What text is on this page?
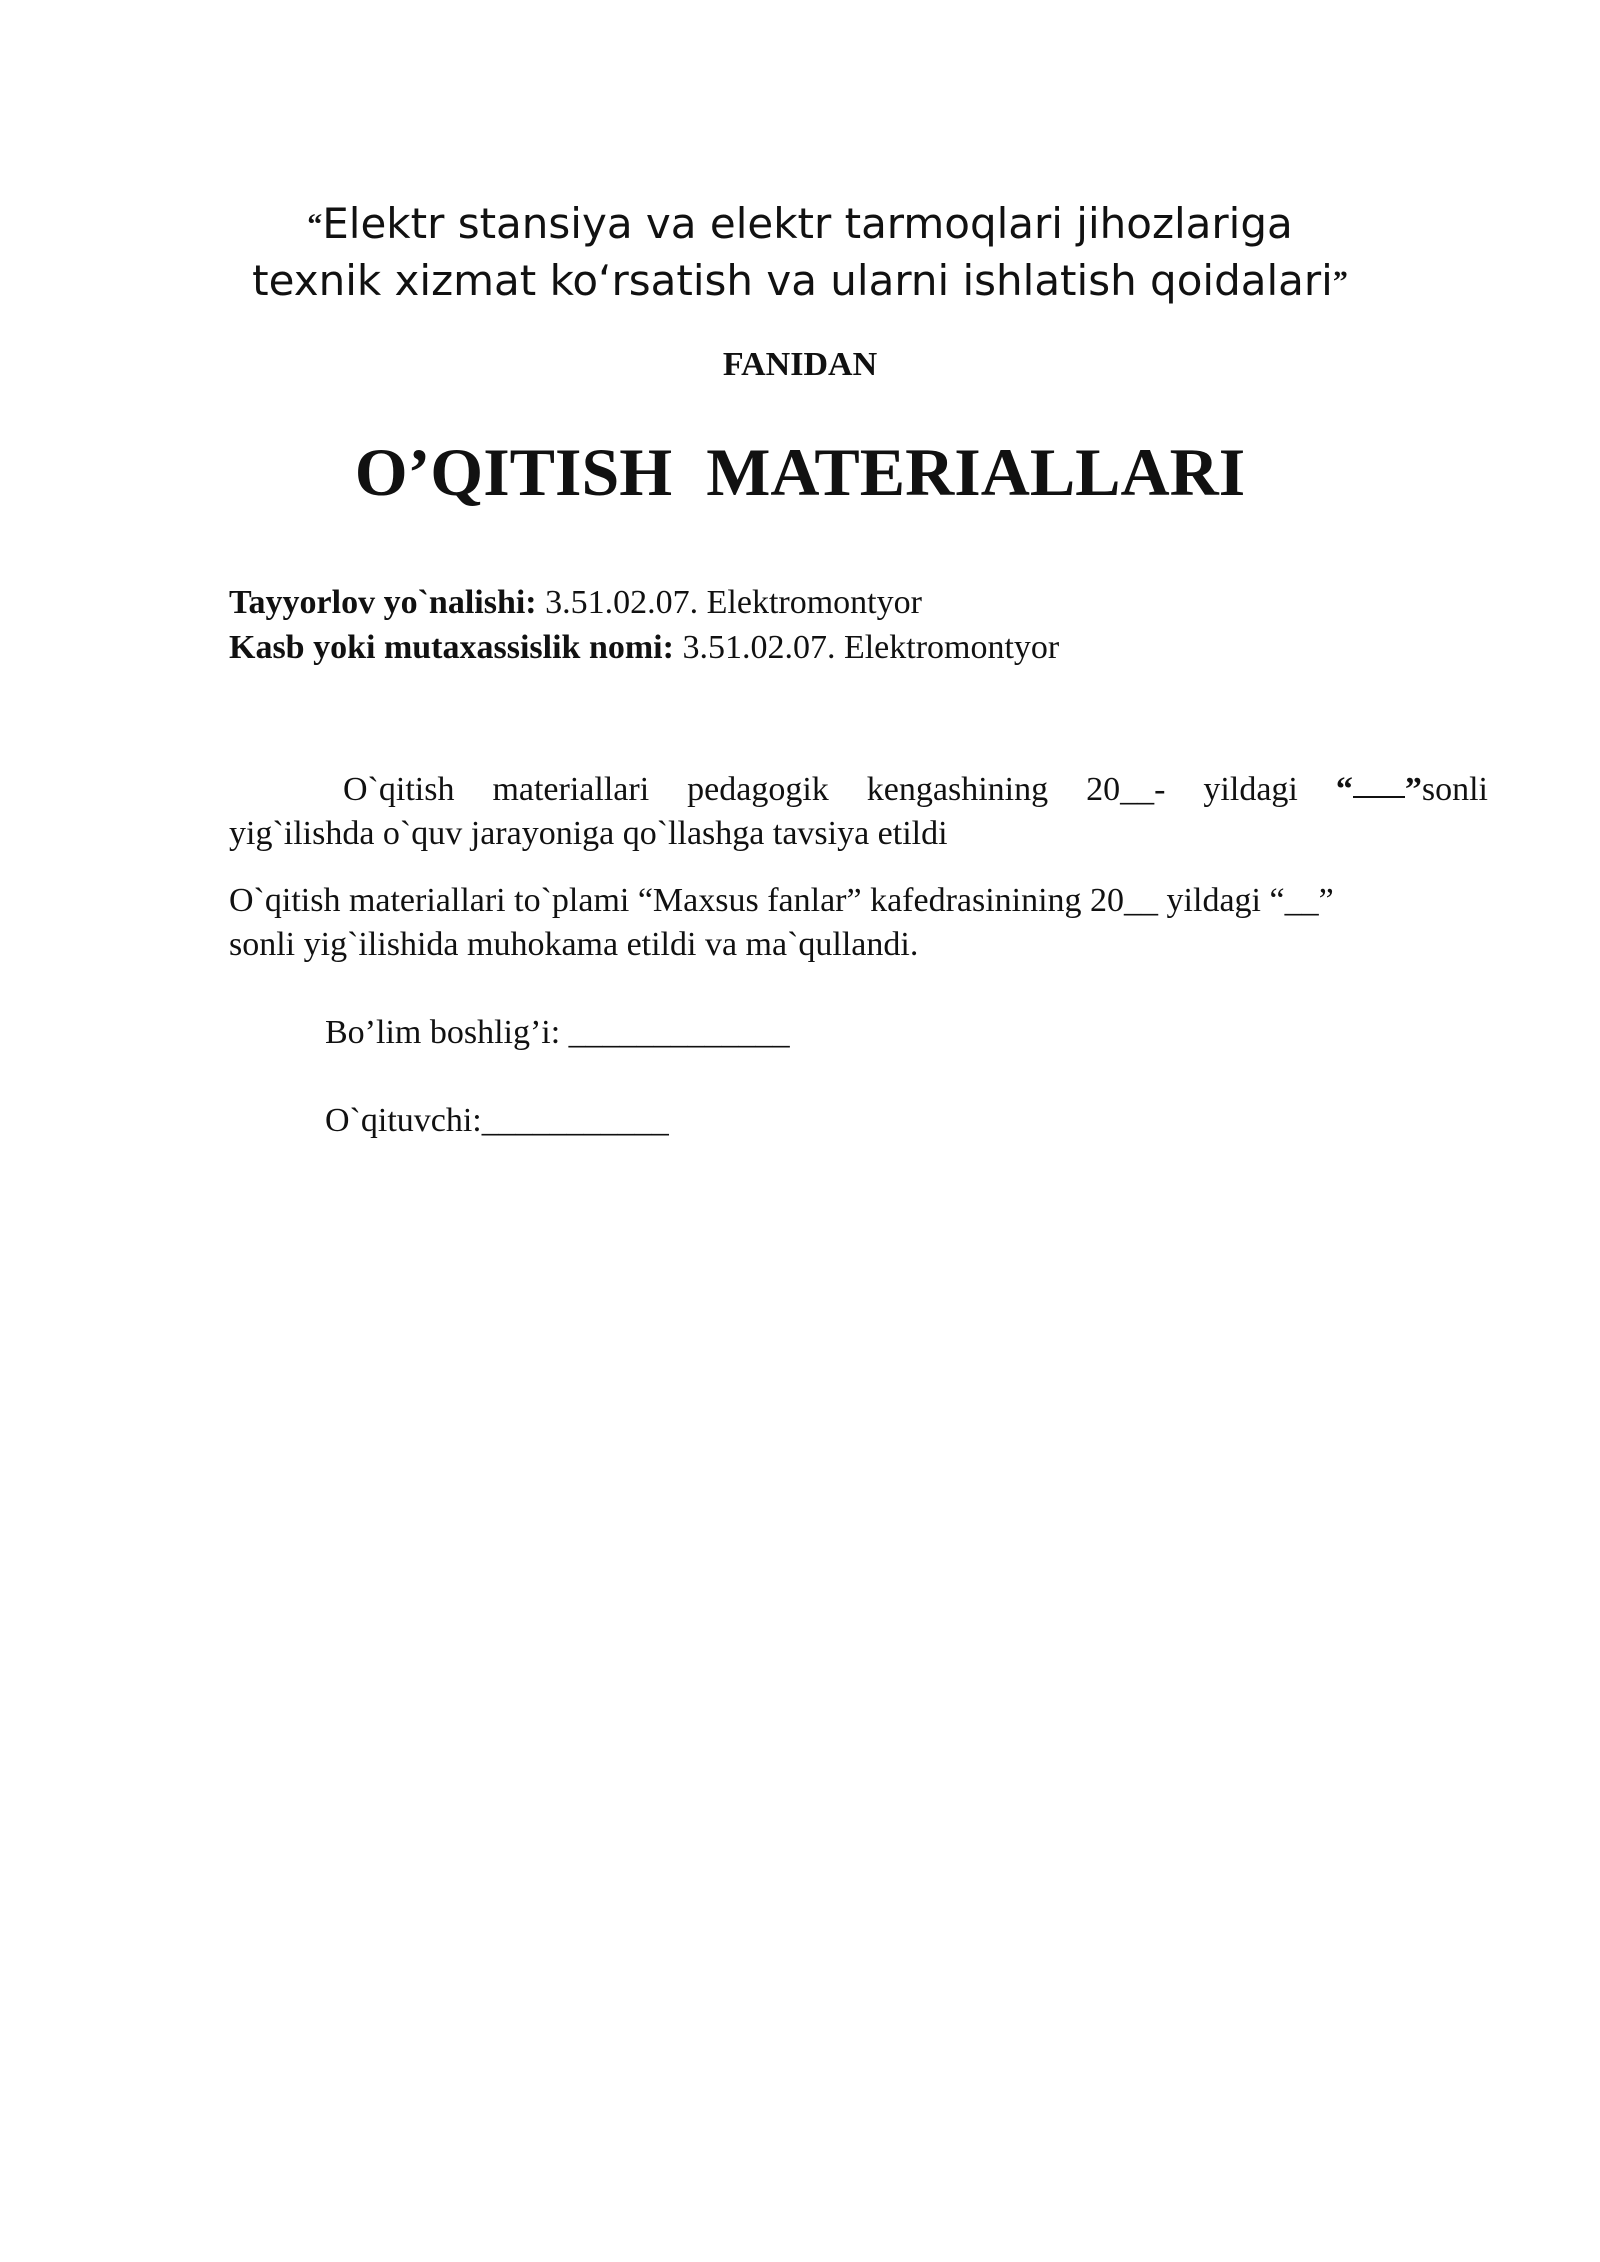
“Elektr stansiya va elektr tarmoqlari jihozlariga
texnik xizmat ko‘rsatish va ularni ishlatish qoidalari”
FANIDAN
O’QITISH  MATERIALLARI
Tayyorlov yo`nalishi: 3.51.02.07. Elektromontyor
Kasb yoki mutaxassislik nomi: 3.51.02.07. Elektromontyor
O`qitish materiallari pedagogik kengashining 20__- yildagi “ ”sonli
yig`ilishda o`quv jarayoniga qo`llashga tavsiya etildi
O`qitish materiallari to`plami “Maxsus fanlar” kafedrasinining 20__ yildagi “__”
sonli yig`ilishida muhokama etildi va ma`qullandi.
Bo’lim boshlig’i: _____________
O`qituvchi:___________
